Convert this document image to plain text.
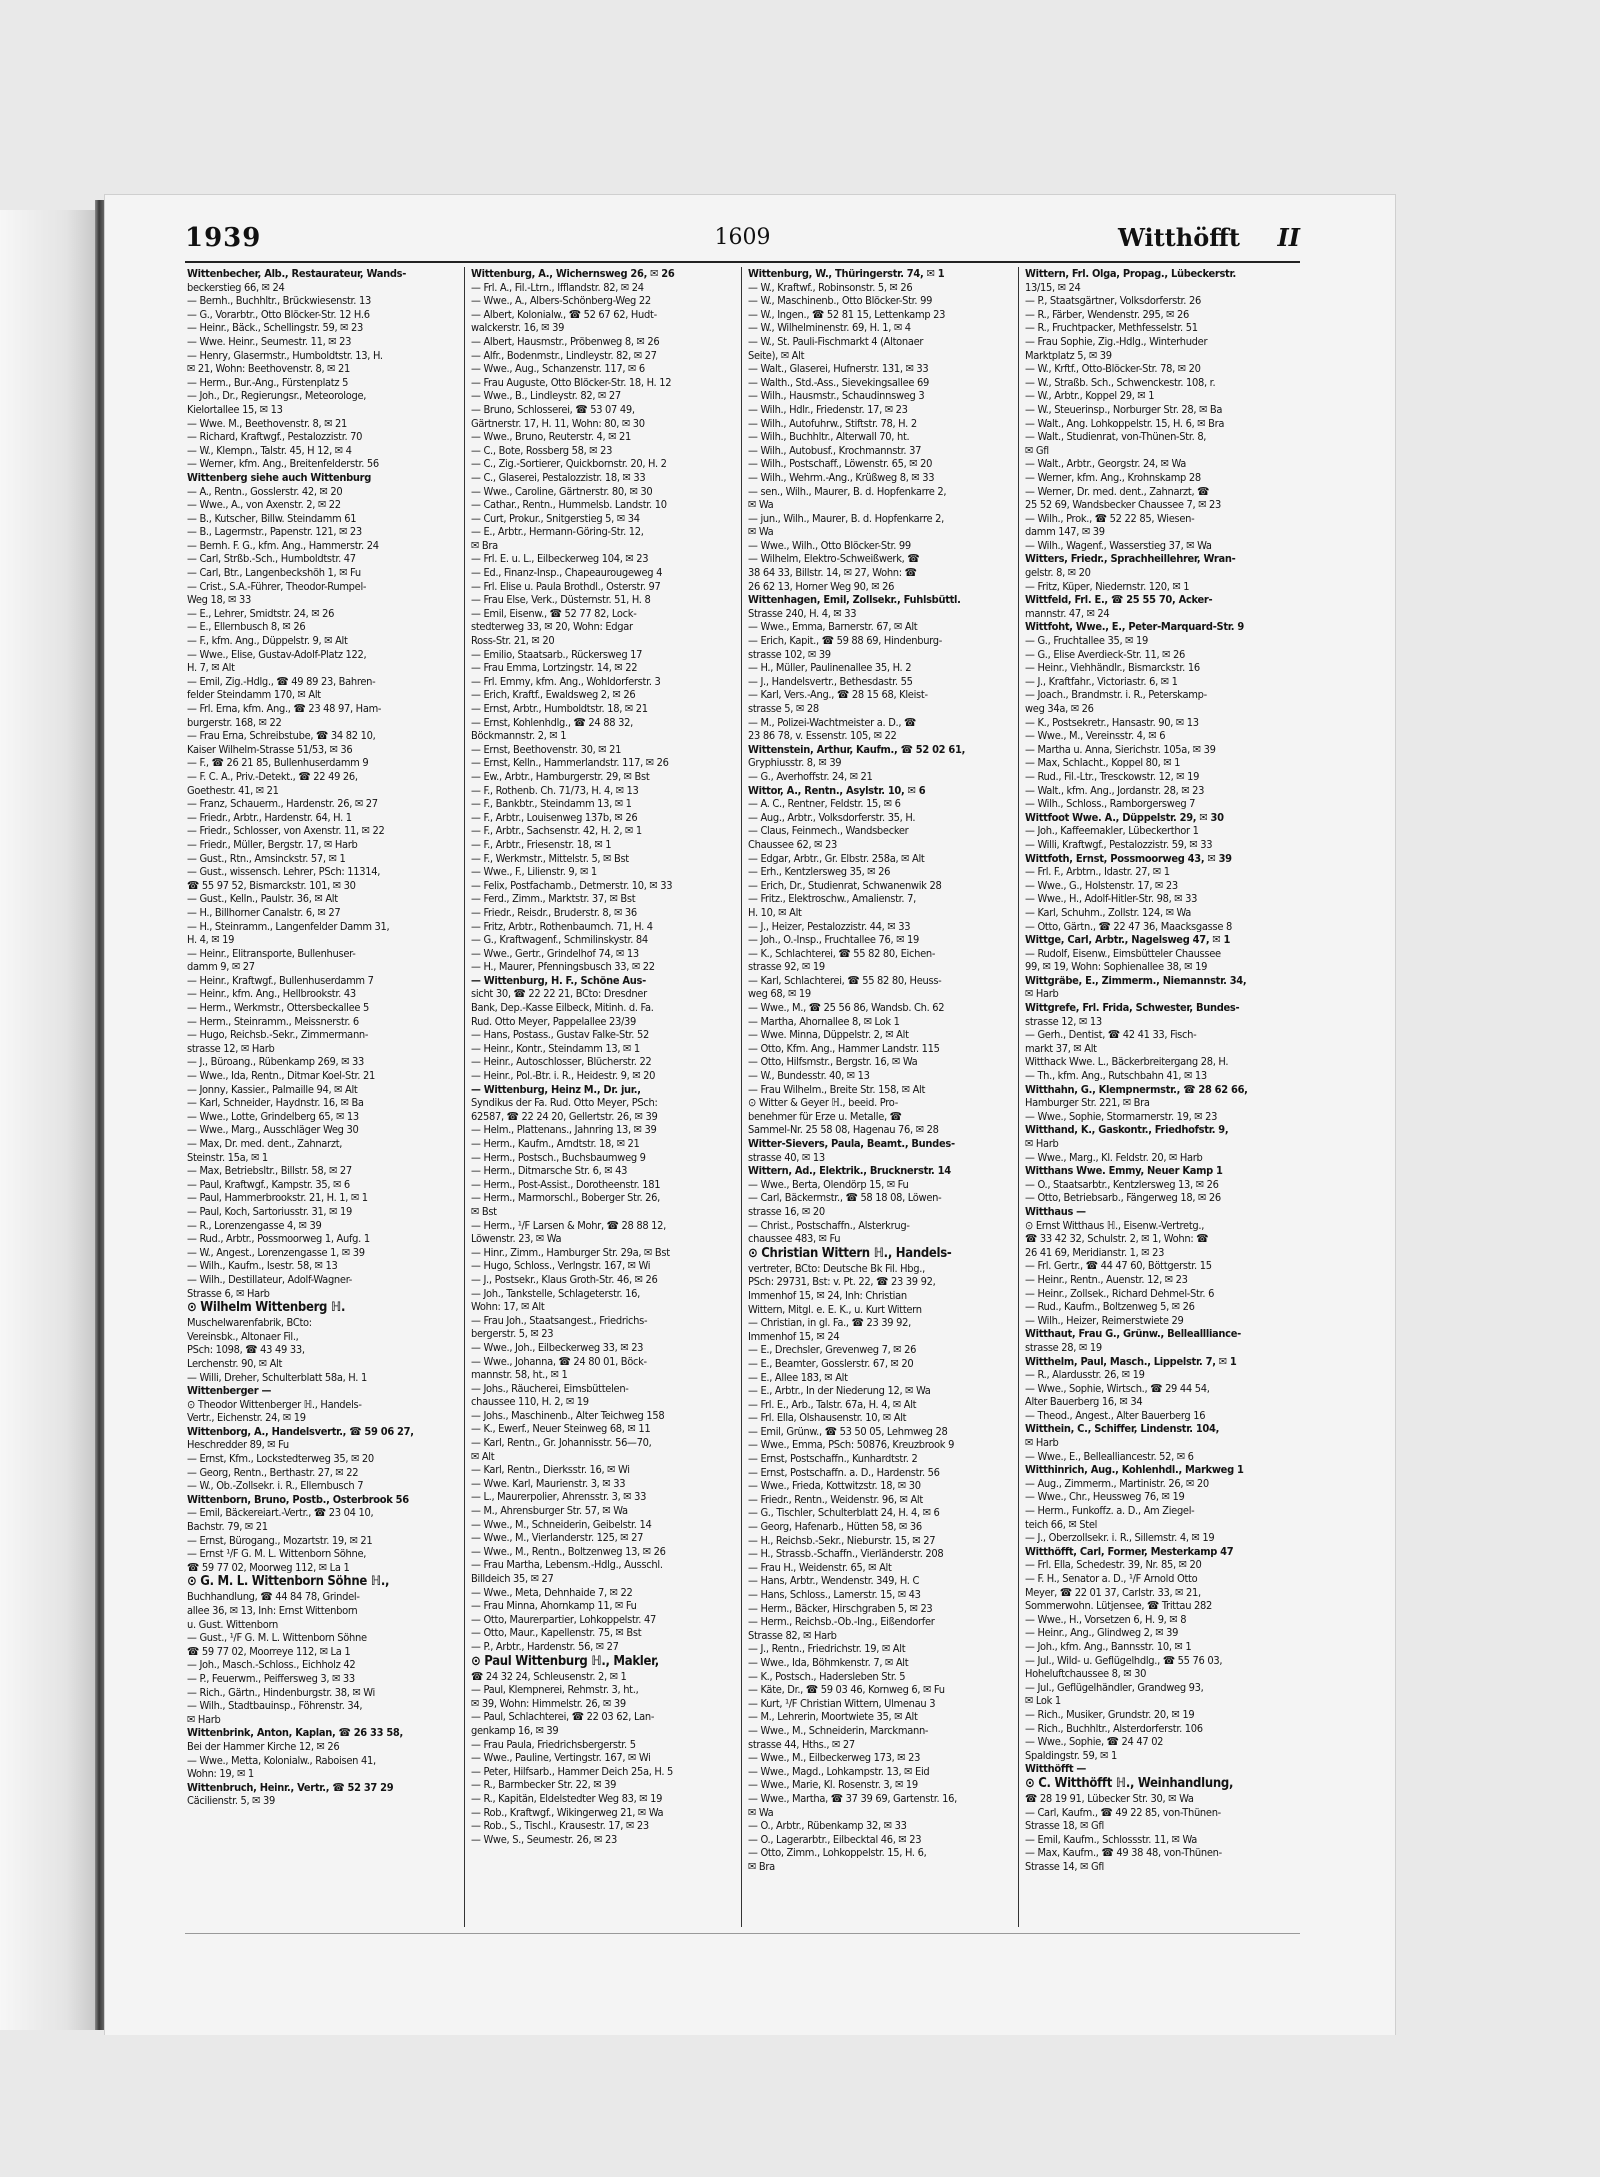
1939	1609	Witthöfft II
Wittenbecher, Alb., Restaurateur, Wands-
beckerstieg 66, ✉ 24
— Bernh., Buchhltr., Brückwiesenstr. 13
— G., Vorarbtr., Otto Blöcker-Str. 12 H.6
— Heinr., Bäck., Schellingstr. 59, ✉ 23
— Wwe. Heinr., Seumestr. 11, ✉ 23
— Henry, Glasermstr., Humboldtstr. 13, H.
✉ 21, Wohn: Beethovenstr. 8, ✉ 21
— Herm., Bur.-Ang., Fürstenplatz 5
— Joh., Dr., Regierungsr., Meteorologe,
Kielortallee 15, ✉ 13
— Wwe. M., Beethovenstr. 8, ✉ 21
— Richard, Kraftwgf., Pestalozzistr. 70
— W., Klempn., Talstr. 45, H 12, ✉ 4
— Werner, kfm. Ang., Breitenfelderstr. 56
Wittenberg siehe auch Wittenburg
— A., Rentn., Gosslerstr. 42, ✉ 20
— Wwe., A., von Axenstr. 2, ✉ 22
— B., Kutscher, Billw. Steindamm 61
— B., Lagermstr., Papenstr. 121, ✉ 23
— Bernh. F. G., kfm. Ang., Hammerstr. 24
— Carl, Strßb.-Sch., Humboldtstr. 47
— Carl, Btr., Langenbeckshöh 1, ✉ Fu
— Crist., S.A.-Führer, Theodor-Rumpel-
Weg 18, ✉ 33
— E., Lehrer, Smidtstr. 24, ✉ 26
— E., Ellernbusch 8, ✉ 26
— F., kfm. Ang., Düppelstr. 9, ✉ Alt
— Wwe., Elise, Gustav-Adolf-Platz 122,
H. 7, ✉ Alt
— Emil, Zig.-Hdlg., ☎ 49 89 23, Bahren-
felder Steindamm 170, ✉ Alt
— Frl. Erna, kfm. Ang., ☎ 23 48 97, Ham-
burgerstr. 168, ✉ 22
— Frau Erna, Schreibstube, ☎ 34 82 10,
Kaiser Wilhelm-Strasse 51/53, ✉ 36
— F., ☎ 26 21 85, Bullenhuserdamm 9
— F. C. A., Priv.-Detekt., ☎ 22 49 26,
Goethestr. 41, ✉ 21
— Franz, Schauerm., Hardenstr. 26, ✉ 27
— Friedr., Arbtr., Hardenstr. 64, H. 1
— Friedr., Schlosser, von Axenstr. 11, ✉ 22
— Friedr., Müller, Bergstr. 17, ✉ Harb
— Gust., Rtn., Amsinckstr. 57, ✉ 1
— Gust., wissensch. Lehrer, PSch: 11314,
☎ 55 97 52, Bismarckstr. 101, ✉ 30
— Gust., Kelln., Paulstr. 36, ✉ Alt
— H., Billhorner Canalstr. 6, ✉ 27
— H., Steinramm., Langenfelder Damm 31,
H. 4, ✉ 19
— Heinr., Elitransporte, Bullenhuser-
damm 9, ✉ 27
— Heinr., Kraftwgf., Bullenhuserdamm 7
— Heinr., kfm. Ang., Hellbrookstr. 43
— Herm., Werkmstr., Ottersbeckallee 5
— Herm., Steinramm., Meissnerstr. 6
— Hugo, Reichsb.-Sekr., Zimmermann-
strasse 12, ✉ Harb
— J., Büroang., Rübenkamp 269, ✉ 33
— Wwe., Ida, Rentn., Ditmar Koel-Str. 21
— Jonny, Kassier., Palmaille 94, ✉ Alt
— Karl, Schneider, Haydnstr. 16, ✉ Ba
— Wwe., Lotte, Grindelberg 65, ✉ 13
— Wwe., Marg., Ausschläger Weg 30
— Max, Dr. med. dent., Zahnarzt,
Steinstr. 15a, ✉ 1
— Max, Betriebsltr., Billstr. 58, ✉ 27
— Paul, Kraftwgf., Kampstr. 35, ✉ 6
— Paul, Hammerbrookstr. 21, H. 1, ✉ 1
— Paul, Koch, Sartoriusstr. 31, ✉ 19
— R., Lorenzengasse 4, ✉ 39
— Rud., Arbtr., Possmoorweg 1, Aufg. 1
— W., Angest., Lorenzengasse 1, ✉ 39
— Wilh., Kaufm., Isestr. 58, ✉ 13
— Wilh., Destillateur, Adolf-Wagner-
Strasse 6, ✉ Harb
⊙ Wilhelm Wittenberg ℍ.
Muschelwarenfabrik, BCto:
Vereinsbk., Altonaer Fil.,
PSch: 1098, ☎ 43 49 33,
Lerchenstr. 90, ✉ Alt
— Willi, Dreher, Schulterblatt 58a, H. 1
Wittenberger —
⊙ Theodor Wittenberger ℍ., Handels-
Vertr., Eichenstr. 24, ✉ 19
Wittenborg, A., Handelsvertr., ☎ 59 06 27,
Heschredder 89, ✉ Fu
— Ernst, Kfm., Lockstedterweg 35, ✉ 20
— Georg, Rentn., Berthastr. 27, ✉ 22
— W., Ob.-Zollsekr. i. R., Ellernbusch 7
Wittenborn, Bruno, Postb., Osterbrook 56
— Emil, Bäckereiart.-Vertr., ☎ 23 04 10,
Bachstr. 79, ✉ 21
— Ernst, Bürogang., Mozartstr. 19, ✉ 21
— Ernst ¹/F G. M. L. Wittenborn Söhne,
☎ 59 77 02, Moorweg 112, ✉ La 1
⊙ G. M. L. Wittenborn Söhne ℍ.,
Buchhandlung, ☎ 44 84 78, Grindel-
allee 36, ✉ 13, Inh: Ernst Wittenborn
u. Gust. Wittenborn
— Gust., ¹/F G. M. L. Wittenborn Söhne
☎ 59 77 02, Moorreye 112, ✉ La 1
— Joh., Masch.-Schloss., Eichholz 42
— P., Feuerwm., Peiffersweg 3, ✉ 33
— Rich., Gärtn., Hindenburgstr. 38, ✉ Wi
— Wilh., Stadtbauinsp., Föhrenstr. 34,
✉ Harb
Wittenbrink, Anton, Kaplan, ☎ 26 33 58,
Bei der Hammer Kirche 12, ✉ 26
— Wwe., Metta, Kolonialw., Raboisen 41,
Wohn: 19, ✉ 1
Wittenbruch, Heinr., Vertr., ☎ 52 37 29
Cäcilienstr. 5, ✉ 39
Wittenburg, A., Wichernsweg 26, ✉ 26
— Frl. A., Fil.-Ltrn., Ifflandstr. 82, ✉ 24
— Wwe., A., Albers-Schönberg-Weg 22
— Albert, Kolonialw., ☎ 52 67 62, Hudt-
walckerstr. 16, ✉ 39
— Albert, Hausmstr., Pröbenweg 8, ✉ 26
— Alfr., Bodenmstr., Lindleystr. 82, ✉ 27
— Wwe., Aug., Schanzenstr. 117, ✉ 6
— Frau Auguste, Otto Blöcker-Str. 18, H. 12
— Wwe., B., Lindleystr. 82, ✉ 27
— Bruno, Schlosserei, ☎ 53 07 49,
Gärtnerstr. 17, H. 11, Wohn: 80, ✉ 30
— Wwe., Bruno, Reuterstr. 4, ✉ 21
— C., Bote, Rossberg 58, ✉ 23
— C., Zig.-Sortierer, Quickbornstr. 20, H. 2
— C., Glaserei, Pestalozzistr. 18, ✉ 33
— Wwe., Caroline, Gärtnerstr. 80, ✉ 30
— Cathar., Rentn., Hummelsb. Landstr. 10
— Curt, Prokur., Snitgerstieg 5, ✉ 34
— E., Arbtr., Hermann-Göring-Str. 12,
✉ Bra
— Frl. E. u. L., Eilbeckerweg 104, ✉ 23
— Ed., Finanz-Insp., Chapeaurougeweg 4
— Frl. Elise u. Paula Brothdl., Osterstr. 97
— Frau Else, Verk., Düsternstr. 51, H. 8
— Emil, Eisenw., ☎ 52 77 82, Lock-
stedterweg 33, ✉ 20, Wohn: Edgar
Ross-Str. 21, ✉ 20
— Emilio, Staatsarb., Rückersweg 17
— Frau Emma, Lortzingstr. 14, ✉ 22
— Frl. Emmy, kfm. Ang., Wohldorferstr. 3
— Erich, Kraftf., Ewaldsweg 2, ✉ 26
— Ernst, Arbtr., Humboldtstr. 18, ✉ 21
— Ernst, Kohlenhdlg., ☎ 24 88 32,
Böckmannstr. 2, ✉ 1
— Ernst, Beethovenstr. 30, ✉ 21
— Ernst, Kelln., Hammerlandstr. 117, ✉ 26
— Ew., Arbtr., Hamburgerstr. 29, ✉ Bst
— F., Rothenb. Ch. 71/73, H. 4, ✉ 13
— F., Bankbtr., Steindamm 13, ✉ 1
— F., Arbtr., Louisenweg 137b, ✉ 26
— F., Arbtr., Sachsenstr. 42, H. 2, ✉ 1
— F., Arbtr., Friesenstr. 18, ✉ 1
— F., Werkmstr., Mittelstr. 5, ✉ Bst
— Wwe., F., Lilienstr. 9, ✉ 1
— Felix, Postfachamb., Detmerstr. 10, ✉ 33
— Ferd., Zimm., Marktstr. 37, ✉ Bst
— Friedr., Reisdr., Bruderstr. 8, ✉ 36
— Fritz, Arbtr., Rothenbaumch. 71, H. 4
— G., Kraftwagenf., Schmilinskystr. 84
— Wwe., Gertr., Grindelhof 74, ✉ 13
— H., Maurer, Pfenningsbusch 33, ✉ 22
— Wittenburg, H. F., Schöne Aus-
sicht 30, ☎ 22 22 21, BCto: Dresdner
Bank, Dep.-Kasse Eilbeck, Mitinh. d. Fa.
Rud. Otto Meyer, Pappelallee 23/39
— Hans, Postass., Gustav Falke-Str. 52
— Heinr., Kontr., Steindamm 13, ✉ 1
— Heinr., Autoschlosser, Blücherstr. 22
— Heinr., Pol.-Btr. i. R., Heidestr. 9, ✉ 20
— Wittenburg, Heinz M., Dr. jur.,
Syndikus der Fa. Rud. Otto Meyer, PSch:
62587, ☎ 22 24 20, Gellertstr. 26, ✉ 39
— Helm., Plattenans., Jahnring 13, ✉ 39
— Herm., Kaufm., Arndtstr. 18, ✉ 21
— Herm., Postsch., Buchsbaumweg 9
— Herm., Ditmarsche Str. 6, ✉ 43
— Herm., Post-Assist., Dorotheenstr. 181
— Herm., Marmorschl., Boberger Str. 26,
✉ Bst
— Herm., ¹/F Larsen & Mohr, ☎ 28 88 12,
Löwenstr. 23, ✉ Wa
— Hinr., Zimm., Hamburger Str. 29a, ✉ Bst
— Hugo, Schloss., Verlngstr. 167, ✉ Wi
— J., Postsekr., Klaus Groth-Str. 46, ✉ 26
— Joh., Tankstelle, Schlageterstr. 16,
Wohn: 17, ✉ Alt
— Frau Joh., Staatsangest., Friedrichs-
bergerstr. 5, ✉ 23
— Wwe., Joh., Eilbeckerweg 33, ✉ 23
— Wwe., Johanna, ☎ 24 80 01, Böck-
mannstr. 58, ht., ✉ 1
— Johs., Räucherei, Eimsbüttelen-
chaussee 110, H. 2, ✉ 19
— Johs., Maschinenb., Alter Teichweg 158
— K., Ewerf., Neuer Steinweg 68, ✉ 11
— Karl, Rentn., Gr. Johannisstr. 56—70,
✉ Alt
— Karl, Rentn., Dierksstr. 16, ✉ Wi
— Wwe. Karl, Maurienstr. 3, ✉ 33
— L., Maurerpolier, Ahrensstr. 3, ✉ 33
— M., Ahrensburger Str. 57, ✉ Wa
— Wwe., M., Schneiderin, Geibelstr. 14
— Wwe., M., Vierlanderstr. 125, ✉ 27
— Wwe., M., Rentn., Boltzenweg 13, ✉ 26
— Frau Martha, Lebensm.-Hdlg., Ausschl.
Billdeich 35, ✉ 27
— Wwe., Meta, Dehnhaide 7, ✉ 22
— Frau Minna, Ahornkamp 11, ✉ Fu
— Otto, Maurerpartier, Lohkoppelstr. 47
— Otto, Maur., Kapellenstr. 75, ✉ Bst
— P., Arbtr., Hardenstr. 56, ✉ 27
⊙ Paul Wittenburg ℍ., Makler,
☎ 24 32 24, Schleusenstr. 2, ✉ 1
— Paul, Klempnerei, Rehmstr. 3, ht.,
✉ 39, Wohn: Himmelstr. 26, ✉ 39
— Paul, Schlachterei, ☎ 22 03 62, Lan-
genkamp 16, ✉ 39
— Frau Paula, Friedrichsbergerstr. 5
— Wwe., Pauline, Vertingstr. 167, ✉ Wi
— Peter, Hilfsarb., Hammer Deich 25a, H. 5
— R., Barmbecker Str. 22, ✉ 39
— R., Kapitän, Eldelstedter Weg 83, ✉ 19
— Rob., Kraftwgf., Wikingerweg 21, ✉ Wa
— Rob., S., Tischl., Krausestr. 17, ✉ 23
— Wwe, S., Seumestr. 26, ✉ 23
Wittenburg, W., Thüringerstr. 74, ✉ 1
— W., Kraftwf., Robinsonstr. 5, ✉ 26
— W., Maschinenb., Otto Blöcker-Str. 99
— W., Ingen., ☎ 52 81 15, Lettenkamp 23
— W., Wilhelminenstr. 69, H. 1, ✉ 4
— W., St. Pauli-Fischmarkt 4 (Altonaer
Seite), ✉ Alt
— Walt., Glaserei, Hufnerstr. 131, ✉ 33
— Walth., Std.-Ass., Sievekingsallee 69
— Wilh., Hausmstr., Schaudinnsweg 3
— Wilh., Hdlr., Friedenstr. 17, ✉ 23
— Wilh., Autofuhrw., Stiftstr. 78, H. 2
— Wilh., Buchhltr., Alterwall 70, ht.
— Wilh., Autobusf., Krochmannstr. 37
— Wilh., Postschaff., Löwenstr. 65, ✉ 20
— Wilh., Wehrm.-Ang., Krüßweg 8, ✉ 33
— sen., Wilh., Maurer, B. d. Hopfenkarre 2,
✉ Wa
— jun., Wilh., Maurer, B. d. Hopfenkarre 2,
✉ Wa
— Wwe., Wilh., Otto Blöcker-Str. 99
— Wilhelm, Elektro-Schweißwerk, ☎
38 64 33, Billstr. 14, ✉ 27, Wohn: ☎
26 62 13, Horner Weg 90, ✉ 26
Wittenhagen, Emil, Zollsekr., Fuhlsbüttl.
Strasse 240, H. 4, ✉ 33
— Wwe., Emma, Barnerstr. 67, ✉ Alt
— Erich, Kapit., ☎ 59 88 69, Hindenburg-
strasse 102, ✉ 39
— H., Müller, Paulinenallee 35, H. 2
— J., Handelsvertr., Bethesdastr. 55
— Karl, Vers.-Ang., ☎ 28 15 68, Kleist-
strasse 5, ✉ 28
— M., Polizei-Wachtmeister a. D., ☎
23 86 78, v. Essenstr. 105, ✉ 22
Wittenstein, Arthur, Kaufm., ☎ 52 02 61,
Gryphiusstr. 8, ✉ 39
— G., Averhoffstr. 24, ✉ 21
Wittor, A., Rentn., Asylstr. 10, ✉ 6
— A. C., Rentner, Feldstr. 15, ✉ 6
— Aug., Arbtr., Volksdorferstr. 35, H.
— Claus, Feinmech., Wandsbecker
Chaussee 62, ✉ 23
— Edgar, Arbtr., Gr. Elbstr. 258a, ✉ Alt
— Erh., Kentzlersweg 35, ✉ 26
— Erich, Dr., Studienrat, Schwanenwik 28
— Fritz., Elektroschw., Amalienstr. 7,
H. 10, ✉ Alt
— J., Heizer, Pestalozzistr. 44, ✉ 33
— Joh., O.-Insp., Fruchtallee 76, ✉ 19
— K., Schlachterei, ☎ 55 82 80, Eichen-
strasse 92, ✉ 19
— Karl, Schlachterei, ☎ 55 82 80, Heuss-
weg 68, ✉ 19
— Wwe., M., ☎ 25 56 86, Wandsb. Ch. 62
— Martha, Ahornallee 8, ✉ Lok 1
— Wwe. Minna, Düppelstr. 2, ✉ Alt
— Otto, Kfm. Ang., Hammer Landstr. 115
— Otto, Hilfsmstr., Bergstr. 16, ✉ Wa
— W., Bundesstr. 40, ✉ 13
— Frau Wilhelm., Breite Str. 158, ✉ Alt
⊙ Witter & Geyer ℍ., beeid. Pro-
benehmer für Erze u. Metalle, ☎
Sammel-Nr. 25 58 08, Hagenau 76, ✉ 28
Witter-Sievers, Paula, Beamt., Bundes-
strasse 40, ✉ 13
Wittern, Ad., Elektrik., Brucknerstr. 14
— Wwe., Berta, Olendörp 15, ✉ Fu
— Carl, Bäckermstr., ☎ 58 18 08, Löwen-
strasse 16, ✉ 20
— Christ., Postschaffn., Alsterkrug-
chaussee 483, ✉ Fu
⊙ Christian Wittern ℍ., Handels-
vertreter, BCto: Deutsche Bk Fil. Hbg.,
PSch: 29731, Bst: v. Pt. 22, ☎ 23 39 92,
Immenhof 15, ✉ 24, Inh: Christian
Wittern, Mitgl. e. E. K., u. Kurt Wittern
— Christian, in gl. Fa., ☎ 23 39 92,
Immenhof 15, ✉ 24
— E., Drechsler, Grevenweg 7, ✉ 26
— E., Beamter, Gosslerstr. 67, ✉ 20
— E., Allee 183, ✉ Alt
— E., Arbtr., In der Niederung 12, ✉ Wa
— Frl. E., Arb., Talstr. 67a, H. 4, ✉ Alt
— Frl. Ella, Olshausenstr. 10, ✉ Alt
— Emil, Grünw., ☎ 53 50 05, Lehmweg 28
— Wwe., Emma, PSch: 50876, Kreuzbrook 9
— Ernst, Postschaffn., Kunhardtstr. 2
— Ernst, Postschaffn. a. D., Hardenstr. 56
— Wwe., Frieda, Kottwitzstr. 18, ✉ 30
— Friedr., Rentn., Weidenstr. 96, ✉ Alt
— G., Tischler, Schulterblatt 24, H. 4, ✉ 6
— Georg, Hafenarb., Hütten 58, ✉ 36
— H., Reichsb.-Sekr., Nieburstr. 15, ✉ 27
— H., Strassb.-Schaffn., Vierländerstr. 208
— Frau H., Weidenstr. 65, ✉ Alt
— Hans, Arbtr., Wendenstr. 349, H. C
— Hans, Schloss., Lamerstr. 15, ✉ 43
— Herm., Bäcker, Hirschgraben 5, ✉ 23
— Herm., Reichsb.-Ob.-Ing., Eißendorfer
Strasse 82, ✉ Harb
— J., Rentn., Friedrichstr. 19, ✉ Alt
— Wwe., Ida, Böhmkenstr. 7, ✉ Alt
— K., Postsch., Hadersleben Str. 5
— Käte, Dr., ☎ 59 03 46, Kornweg 6, ✉ Fu
— Kurt, ¹/F Christian Wittern, Ulmenau 3
— M., Lehrerin, Moortwiete 35, ✉ Alt
— Wwe., M., Schneiderin, Marckmann-
strasse 44, Hths., ✉ 27
— Wwe., M., Eilbeckerweg 173, ✉ 23
— Wwe., Magd., Lohkampstr. 13, ✉ Eid
— Wwe., Marie, Kl. Rosenstr. 3, ✉ 19
— Wwe., Martha, ☎ 37 39 69, Gartenstr. 16,
✉ Wa
— O., Arbtr., Rübenkamp 32, ✉ 33
— O., Lagerarbtr., Eilbecktal 46, ✉ 23
— Otto, Zimm., Lohkoppelstr. 15, H. 6,
✉ Bra
Wittern, Frl. Olga, Propag., Lübeckerstr.
13/15, ✉ 24
— P., Staatsgärtner, Volksdorferstr. 26
— R., Färber, Wendenstr. 295, ✉ 26
— R., Fruchtpacker, Methfesselstr. 51
— Frau Sophie, Zig.-Hdlg., Winterhuder
Marktplatz 5, ✉ 39
— W., Krftf., Otto-Blöcker-Str. 78, ✉ 20
— W., Straßb. Sch., Schwenckestr. 108, r.
— W., Arbtr., Koppel 29, ✉ 1
— W., Steuerinsp., Norburger Str. 28, ✉ Ba
— Walt., Ang. Lohkoppelstr. 15, H. 6, ✉ Bra
— Walt., Studienrat, von-Thünen-Str. 8,
✉ Gfl
— Walt., Arbtr., Georgstr. 24, ✉ Wa
— Werner, kfm. Ang., Krohnskamp 28
— Werner, Dr. med. dent., Zahnarzt, ☎
25 52 69, Wandsbecker Chaussee 7, ✉ 23
— Wilh., Prok., ☎ 52 22 85, Wiesen-
damm 147, ✉ 39
— Wilh., Wagenf., Wasserstieg 37, ✉ Wa
Witters, Friedr., Sprachheillehrer, Wran-
gelstr. 8, ✉ 20
— Fritz, Küper, Niedernstr. 120, ✉ 1
Wittfeld, Frl. E., ☎ 25 55 70, Acker-
mannstr. 47, ✉ 24
Wittfoht, Wwe., E., Peter-Marquard-Str. 9
— G., Fruchtallee 35, ✉ 19
— G., Elise Averdieck-Str. 11, ✉ 26
— Heinr., Viehhändlr., Bismarckstr. 16
— J., Kraftfahr., Victoriastr. 6, ✉ 1
— Joach., Brandmstr. i. R., Peterskamp-
weg 34a, ✉ 26
— K., Postsekretr., Hansastr. 90, ✉ 13
— Wwe., M., Vereinsstr. 4, ✉ 6
— Martha u. Anna, Sierichstr. 105a, ✉ 39
— Max, Schlacht., Koppel 80, ✉ 1
— Rud., Fil.-Ltr., Tresckowstr. 12, ✉ 19
— Walt., kfm. Ang., Jordanstr. 28, ✉ 23
— Wilh., Schloss., Ramborgersweg 7
Wittfoot Wwe. A., Düppelstr. 29, ✉ 30
— Joh., Kaffeemakler, Lübeckerthor 1
— Willi, Kraftwgf., Pestalozzistr. 59, ✉ 33
Wittfoth, Ernst, Possmoorweg 43, ✉ 39
— Frl. F., Arbtrn., Idastr. 27, ✉ 1
— Wwe., G., Holstenstr. 17, ✉ 23
— Wwe., H., Adolf-Hitler-Str. 98, ✉ 33
— Karl, Schuhm., Zollstr. 124, ✉ Wa
— Otto, Gärtn., ☎ 22 47 36, Maacksgasse 8
Wittge, Carl, Arbtr., Nagelsweg 47, ✉ 1
— Rudolf, Eisenw., Eimsbütteler Chaussee
99, ✉ 19, Wohn: Sophienallee 38, ✉ 19
Wittgräbe, E., Zimmerm., Niemannstr. 34,
✉ Harb
Wittgrefe, Frl. Frida, Schwester, Bundes-
strasse 12, ✉ 13
— Gerh., Dentist, ☎ 42 41 33, Fisch-
markt 37, ✉ Alt
Witthack Wwe. L., Bäckerbreitergang 28, H.
— Th., kfm. Ang., Rutschbahn 41, ✉ 13
Witthahn, G., Klempnermstr., ☎ 28 62 66,
Hamburger Str. 221, ✉ Bra
— Wwe., Sophie, Stormarnerstr. 19, ✉ 23
Witthand, K., Gaskontr., Friedhofstr. 9,
✉ Harb
— Wwe., Marg., Kl. Feldstr. 20, ✉ Harb
Witthans Wwe. Emmy, Neuer Kamp 1
— O., Staatsarbtr., Kentzlersweg 13, ✉ 26
— Otto, Betriebsarb., Fängerweg 18, ✉ 26
Witthaus —
⊙ Ernst Witthaus ℍ., Eisenw.-Vertretg.,
☎ 33 42 32, Schulstr. 2, ✉ 1, Wohn: ☎
26 41 69, Meridianstr. 1, ✉ 23
— Frl. Gertr., ☎ 44 47 60, Böttgerstr. 15
— Heinr., Rentn., Auenstr. 12, ✉ 23
— Heinr., Zollsek., Richard Dehmel-Str. 6
— Rud., Kaufm., Boltzenweg 5, ✉ 26
— Wilh., Heizer, Reimerstwiete 29
Witthaut, Frau G., Grünw., Belleallliance-
strasse 28, ✉ 19
Witthelm, Paul, Masch., Lippelstr. 7, ✉ 1
— R., Alardusstr. 26, ✉ 19
— Wwe., Sophie, Wirtsch., ☎ 29 44 54,
Alter Bauerberg 16, ✉ 34
— Theod., Angest., Alter Bauerberg 16
Witthein, C., Schiffer, Lindenstr. 104,
✉ Harb
— Wwe., E., Bellealliancestr. 52, ✉ 6
Witthinrich, Aug., Kohlenhdl., Markweg 1
— Aug., Zimmerm., Martinistr. 26, ✉ 20
— Wwe., Chr., Heussweg 76, ✉ 19
— Herm., Funkoffz. a. D., Am Ziegel-
teich 66, ✉ Stel
— J., Oberzollsekr. i. R., Sillemstr. 4, ✉ 19
Witthöfft, Carl, Former, Mesterkamp 47
— Frl. Ella, Schedestr. 39, Nr. 85, ✉ 20
— F. H., Senator a. D., ¹/F Arnold Otto
Meyer, ☎ 22 01 37, Carlstr. 33, ✉ 21,
Sommerwohn. Lütjensee, ☎ Trittau 282
— Wwe., H., Vorsetzen 6, H. 9, ✉ 8
— Heinr., Ang., Glindweg 2, ✉ 39
— Joh., kfm. Ang., Bannsstr. 10, ✉ 1
— Jul., Wild- u. Geflügelhdlg., ☎ 55 76 03,
Hoheluftchaussee 8, ✉ 30
— Jul., Geflügelhändler, Grandweg 93,
✉ Lok 1
— Rich., Musiker, Grundstr. 20, ✉ 19
— Rich., Buchhltr., Alsterdorferstr. 106
— Wwe., Sophie, ☎ 24 47 02
Spaldingstr. 59, ✉ 1
Witthöfft —
⊙ C. Witthöfft ℍ., Weinhandlung,
☎ 28 19 91, Lübecker Str. 30, ✉ Wa
— Carl, Kaufm., ☎ 49 22 85, von-Thünen-
Strasse 18, ✉ Gfl
— Emil, Kaufm., Schlossstr. 11, ✉ Wa
— Max, Kaufm., ☎ 49 38 48, von-Thünen-
Strasse 14, ✉ Gfl
